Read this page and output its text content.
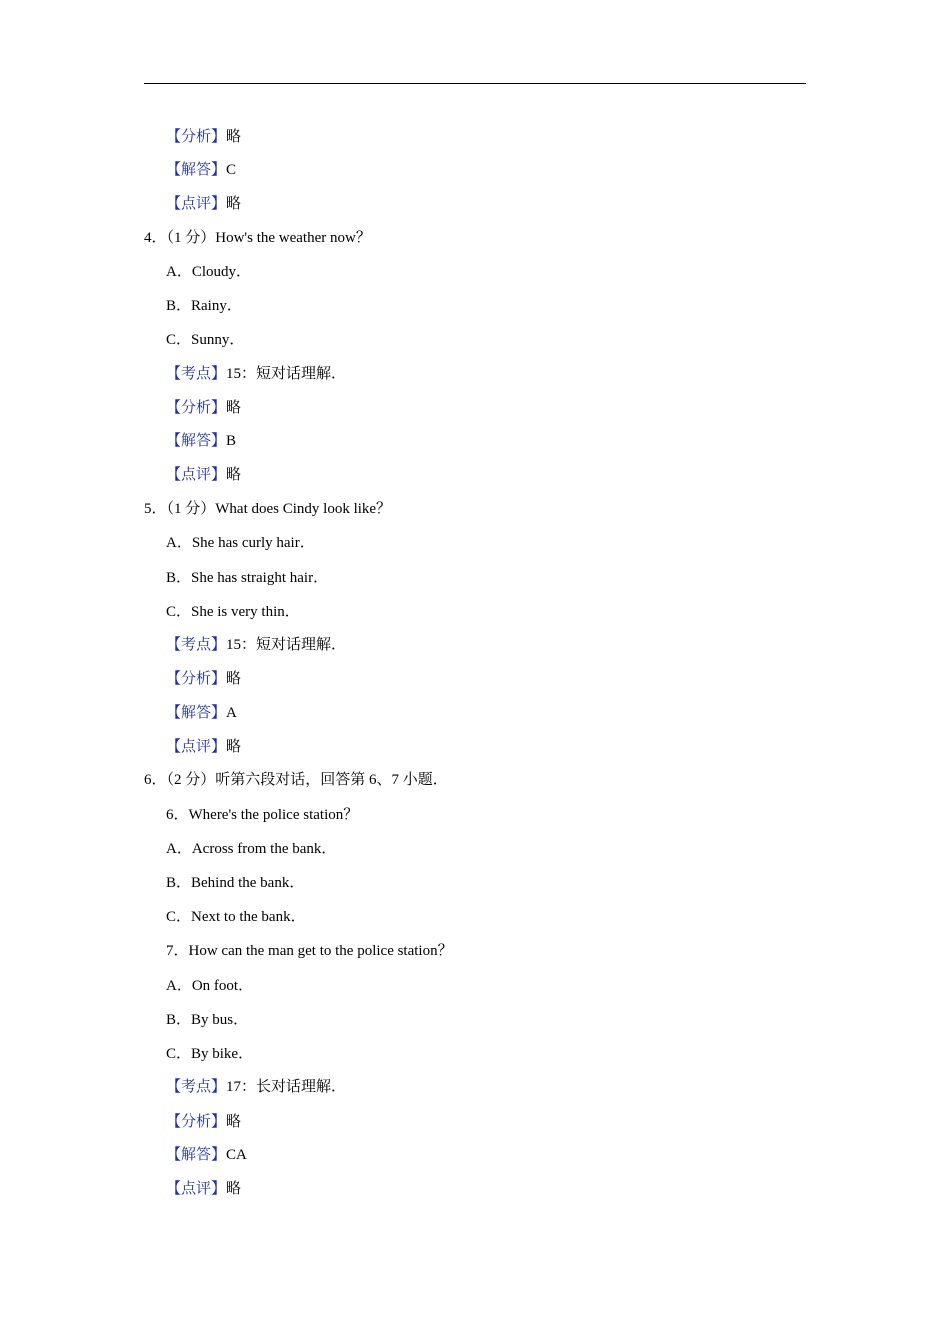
【分析】略
【解答】C
【点评】略
4．（1 分）How's the weather now？
A．Cloudy．
B．Rainy．
C．Sunny．
【考点】15：短对话理解．
【分析】略
【解答】B
【点评】略
5．（1 分）What does Cindy look like？
A．She has curly hair．
B．She has straight hair．
C．She is very thin．
【考点】15：短对话理解．
【分析】略
【解答】A
【点评】略
6．（2 分）听第六段对话，回答第 6、7 小题．
6．Where's the police station？
A．Across from the bank．
B．Behind the bank．
C．Next to the bank．
7．How can the man get to the police station？
A．On foot．
B．By bus．
C．By bike．
【考点】17：长对话理解．
【分析】略
【解答】CA
【点评】略
